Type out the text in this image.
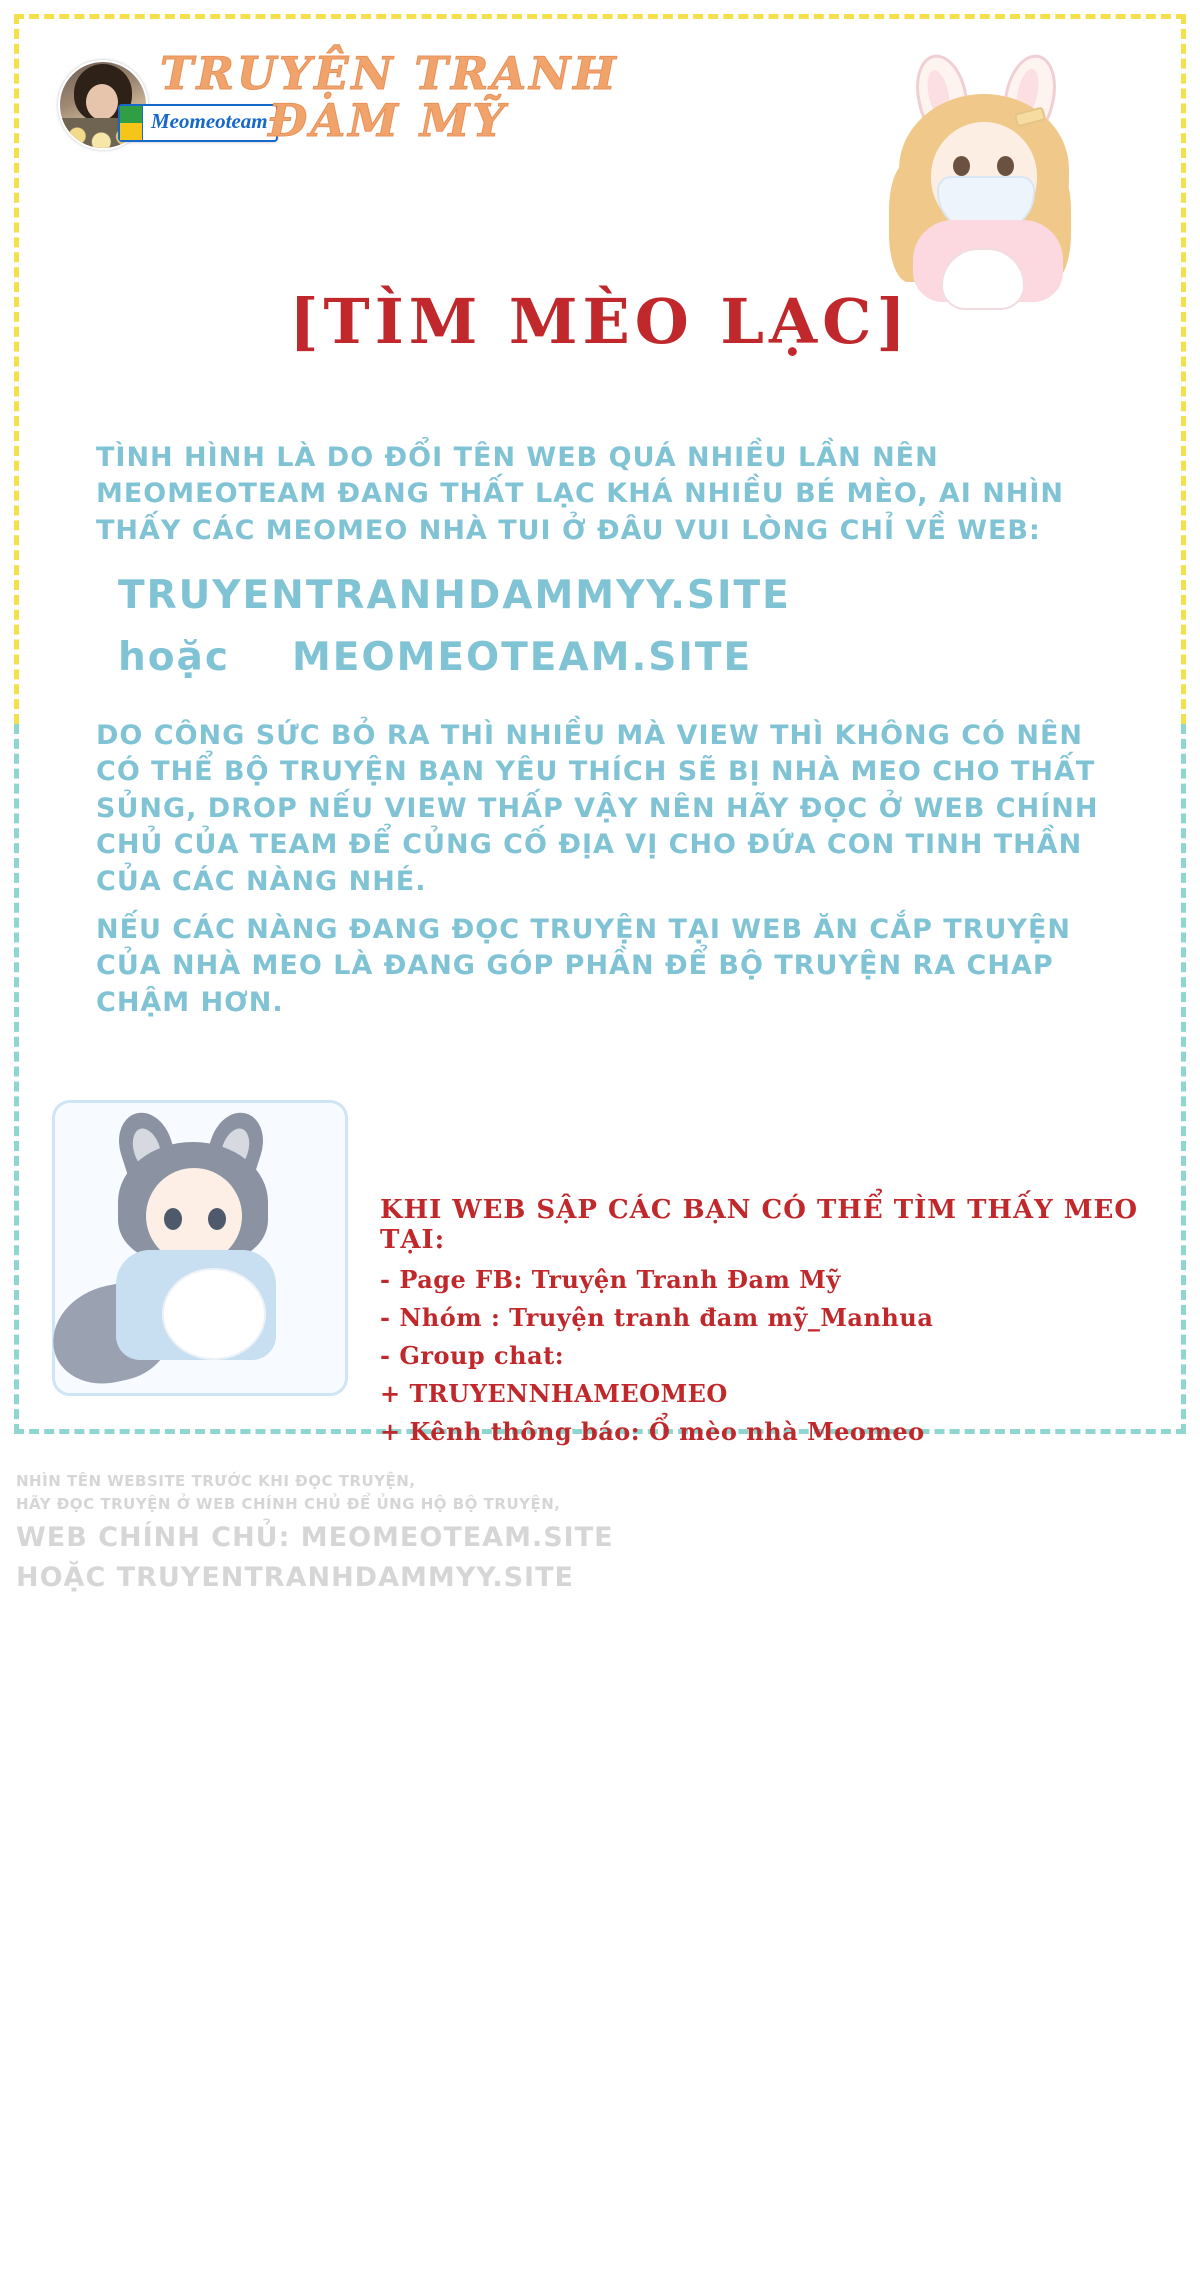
Meomeoteam
TRUYỆN TRANH
ĐAM MỸ
[TÌM MÈO LẠC]
TÌNH HÌNH LÀ DO ĐỔI TÊN WEB QUÁ NHIỀU LẦN NÊN MEOMEOTEAM ĐANG THẤT LẠC KHÁ NHIỀU BÉ MÈO, AI NHÌN THẤY CÁC MEOMEO NHÀ TUI Ở ĐÂU VUI LÒNG CHỈ VỀ WEB:
TRUYENTRANHDAMMYY.SITE
hoặc MEOMEOTEAM.SITE
DO CÔNG SỨC BỎ RA THÌ NHIỀU MÀ VIEW THÌ KHÔNG CÓ NÊN CÓ THỂ BỘ TRUYỆN BẠN YÊU THÍCH SẼ BỊ NHÀ MEO CHO THẤT SỦNG, DROP NẾU VIEW THẤP VẬY NÊN HÃY ĐỌC Ở WEB CHÍNH CHỦ CỦA TEAM ĐỂ CỦNG CỐ ĐỊA VỊ CHO ĐỨA CON TINH THẦN CỦA CÁC NÀNG NHÉ.
NẾU CÁC NÀNG ĐANG ĐỌC TRUYỆN TẠI WEB ĂN CẮP TRUYỆN CỦA NHÀ MEO LÀ ĐANG GÓP PHẦN ĐỂ BỘ TRUYỆN RA CHAP CHẬM HƠN.
KHI WEB SẬP CÁC BẠN CÓ THỂ TÌM THẤY MEO TẠI:
- Page FB: Truyện Tranh Đam Mỹ
- Nhóm : Truyện tranh đam mỹ_Manhua
- Group chat:
+ TRUYENNHAMEOMEO
+ Kênh thông báo: Ổ mèo nhà Meomeo
NHÌN TÊN WEBSITE TRƯỚC KHI ĐỌC TRUYỆN,
HÃY ĐỌC TRUYỆN Ở WEB CHÍNH CHỦ ĐỂ ỦNG HỘ BỘ TRUYỆN,
WEB CHÍNH CHỦ: MEOMEOTEAM.SITE
HOẶC TRUYENTRANHDAMMYY.SITE
